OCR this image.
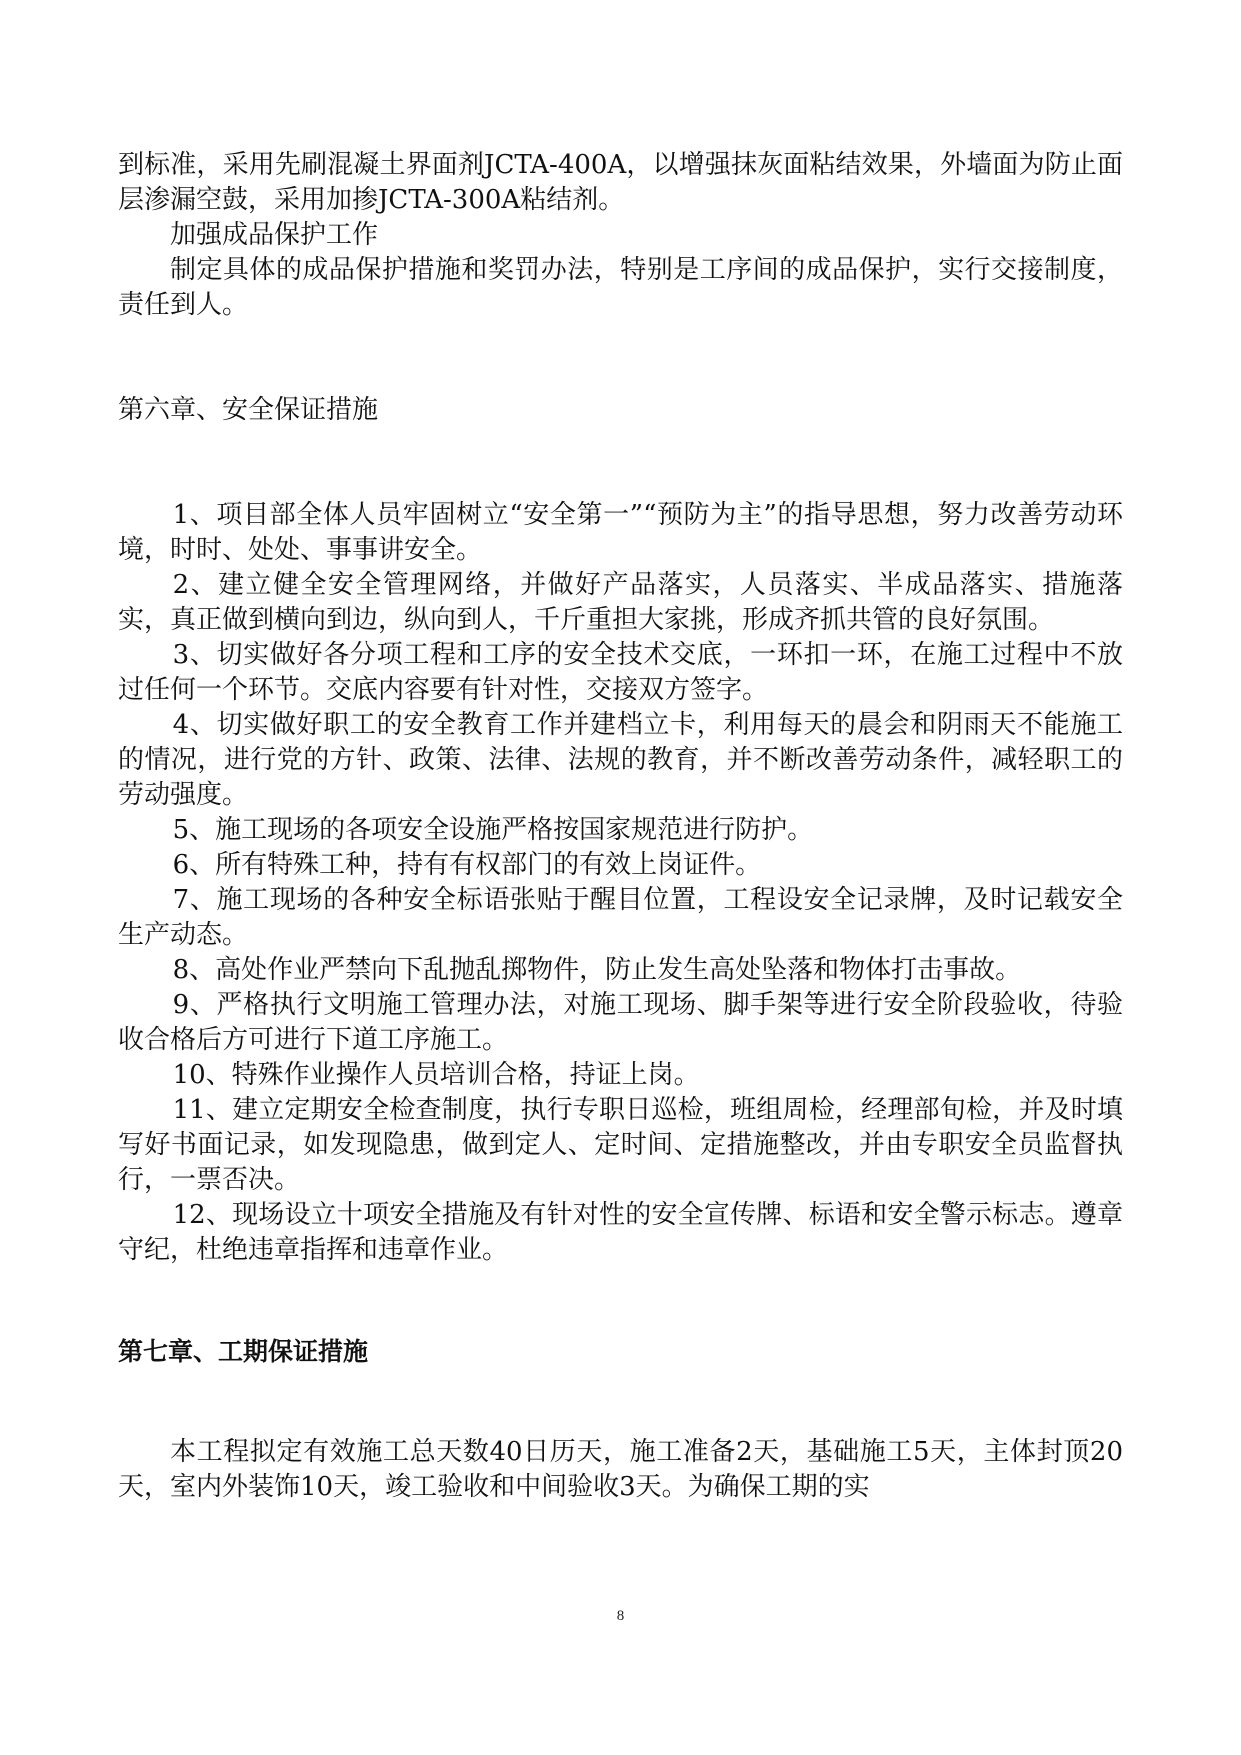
到标准，采用先刷混凝土界面剂JCTA-400A，以增强抹灰面粘结效果，外墙面为防止面层渗漏空鼓，采用加掺JCTA-300A粘结剂。

加强成品保护工作

制定具体的成品保护措施和奖罚办法，特别是工序间的成品保护，实行交接制度，责任到人。

第六章、安全保证措施

1、项目部全体人员牢固树立“安全第一”“预防为主”的指导思想，努力改善劳动环境，时时、处处、事事讲安全。

2、建立健全安全管理网络，并做好产品落实，人员落实、半成品落实、措施落实，真正做到横向到边，纵向到人，千斤重担大家挑，形成齐抓共管的良好氛围。

3、切实做好各分项工程和工序的安全技术交底，一环扣一环，在施工过程中不放过任何一个环节。交底内容要有针对性，交接双方签字。

4、切实做好职工的安全教育工作并建档立卡，利用每天的晨会和阴雨天不能施工的情况，进行党的方针、政策、法律、法规的教育，并不断改善劳动条件，减轻职工的劳动强度。

5、施工现场的各项安全设施严格按国家规范进行防护。

6、所有特殊工种，持有有权部门的有效上岗证件。

7、施工现场的各种安全标语张贴于醒目位置，工程设安全记录牌，及时记载安全生产动态。

8、高处作业严禁向下乱抛乱掷物件，防止发生高处坠落和物体打击事故。

9、严格执行文明施工管理办法，对施工现场、脚手架等进行安全阶段验收，待验收合格后方可进行下道工序施工。

10、特殊作业操作人员培训合格，持证上岗。

11、建立定期安全检查制度，执行专职日巡检，班组周检，经理部旬检，并及时填写好书面记录，如发现隐患，做到定人、定时间、定措施整改，并由专职安全员监督执行，一票否决。

12、现场设立十项安全措施及有针对性的安全宣传牌、标语和安全警示标志。遵章守纪，杜绝违章指挥和违章作业。

第七章、工期保证措施

本工程拟定有效施工总天数40日历天，施工准备2天，基础施工5天，主体封顶20天，室内外装饰10天，竣工验收和中间验收3天。为确保工期的实

8
